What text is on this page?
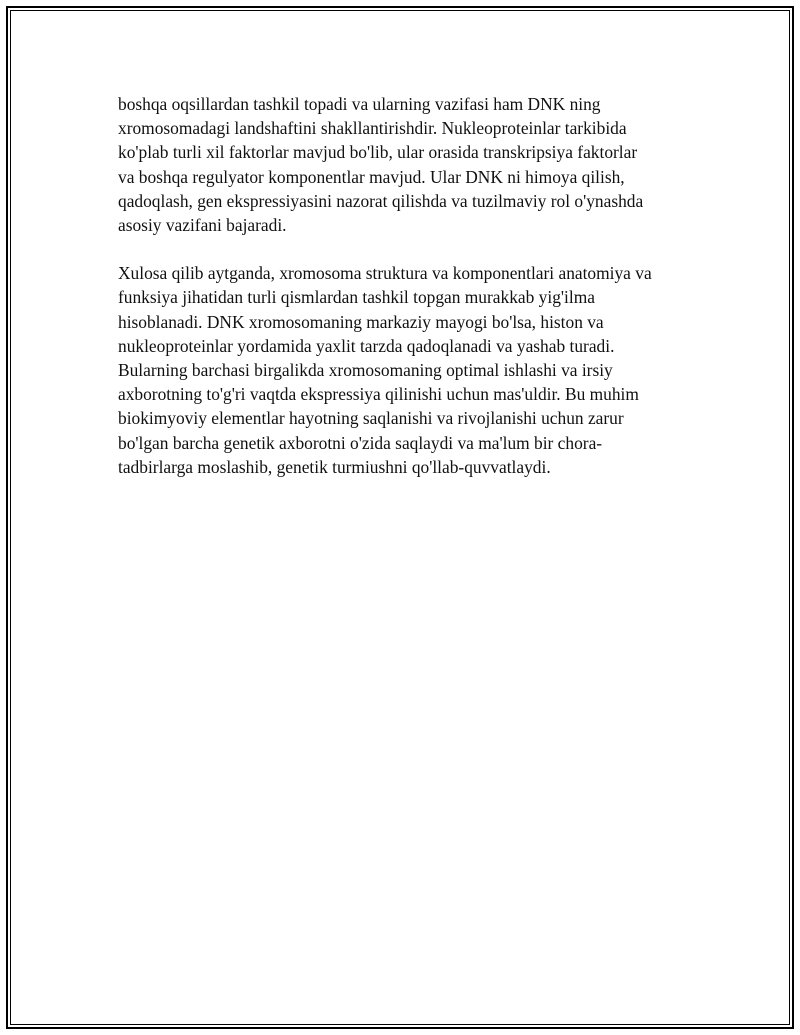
boshqa oqsillardan tashkil topadi va ularning vazifasi ham DNK ning
xromosomadagi landshaftini shakllantirishdir. Nukleoproteinlar tarkibida
ko'plab turli xil faktorlar mavjud bo'lib, ular orasida transkripsiya faktorlar
va boshqa regulyator komponentlar mavjud. Ular DNK ni himoya qilish,
qadoqlash, gen ekspressiyasini nazorat qilishda va tuzilmaviy rol o'ynashda
asosiy vazifani bajaradi.

Xulosa qilib aytganda, xromosoma struktura va komponentlari anatomiya va
funksiya jihatidan turli qismlardan tashkil topgan murakkab yig'ilma
hisoblanadi. DNK xromosomaning markaziy mayogi bo'lsa, histon va
nukleoproteinlar yordamida yaxlit tarzda qadoqlanadi va yashab turadi.
Bularning barchasi birgalikda xromosomaning optimal ishlashi va irsiy
axborotning to'g'ri vaqtda ekspressiya qilinishi uchun mas'uldir. Bu muhim
biokimyoviy elementlar hayotning saqlanishi va rivojlanishi uchun zarur
bo'lgan barcha genetik axborotni o'zida saqlaydi va ma'lum bir chora-
tadbirlarga moslashib, genetik turmiushni qo'llab-quvvatlaydi.
